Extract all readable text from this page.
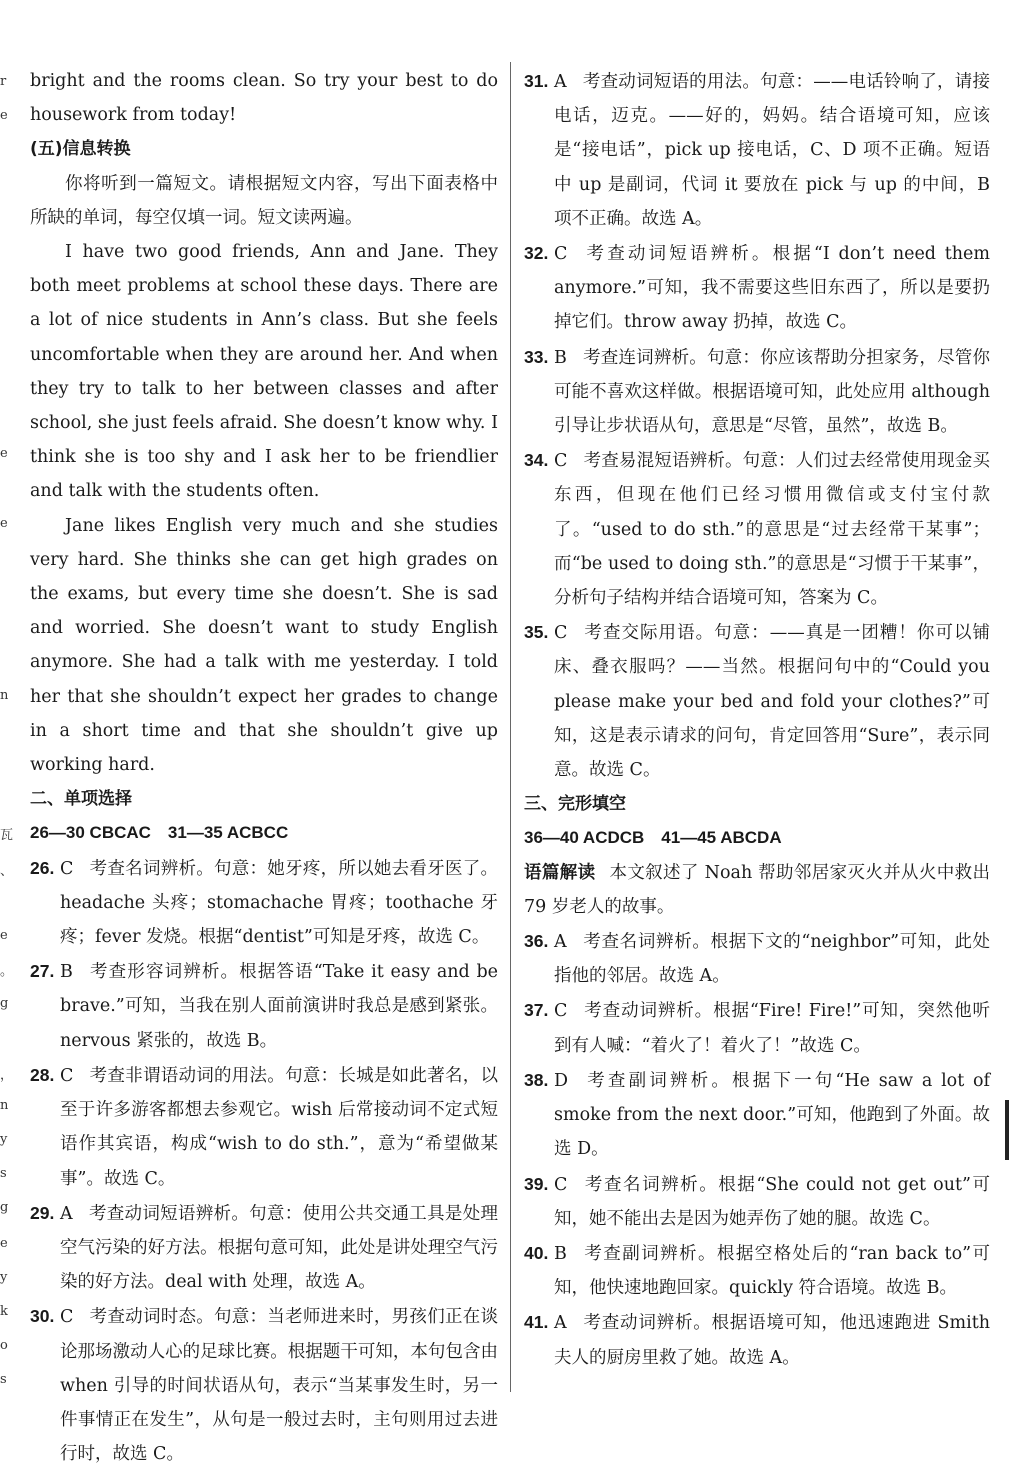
r
e
e
e
n
瓦
、
e
。
g
，
n
y
s
g
e
y
k
o
s

bright and the rooms clean. So try your best to do housework from today!

(五)信息转换

你将听到一篇短文。请根据短文内容，写出下面表格中所缺的单词，每空仅填一词。短文读两遍。

I have two good friends, Ann and Jane. They both meet problems at school these days. There are a lot of nice students in Ann’s class. But she feels uncomfortable when they are around her. And when they try to talk to her between classes and after school, she just feels afraid. She doesn’t know why. I think she is too shy and I ask her to be friendlier and talk with the students often.

Jane likes English very much and she studies very hard. She thinks she can get high grades on the exams, but every time she doesn’t. She is sad and worried. She doesn’t want to study English anymore. She had a talk with me yesterday. I told her that she shouldn’t expect her grades to change in a short time and that she shouldn’t give up working hard.

二、单项选择

26—30 CBCAC　31—35 ACBCC

26. C 考查名词辨析。句意：她牙疼，所以她去看牙医了。headache 头疼；stomachache 胃疼；toothache 牙疼；fever 发烧。根据“dentist”可知是牙疼，故选 C。

27. B 考查形容词辨析。根据答语“Take it easy and be brave.”可知，当我在别人面前演讲时我总是感到紧张。nervous 紧张的，故选 B。

28. C 考查非谓语动词的用法。句意：长城是如此著名，以至于许多游客都想去参观它。wish 后常接动词不定式短语作其宾语，构成“wish to do sth.”，意为“希望做某事”。故选 C。

29. A 考查动词短语辨析。句意：使用公共交通工具是处理空气污染的好方法。根据句意可知，此处是讲处理空气污染的好方法。deal with 处理，故选 A。

30. C 考查动词时态。句意：当老师进来时，男孩们正在谈论那场激动人心的足球比赛。根据题干可知，本句包含由 when 引导的时间状语从句，表示“当某事发生时，另一件事情正在发生”，从句是一般过去时，主句则用过去进行时，故选 C。

31. A 考查动词短语的用法。句意：——电话铃响了，请接电话，迈克。——好的，妈妈。结合语境可知，应该是“接电话”，pick up 接电话，C、D 项不正确。短语中 up 是副词，代词 it 要放在 pick 与 up 的中间，B 项不正确。故选 A。

32. C 考查动词短语辨析。根据“I don’t need them anymore.”可知，我不需要这些旧东西了，所以是要扔掉它们。throw away 扔掉，故选 C。

33. B 考查连词辨析。句意：你应该帮助分担家务，尽管你可能不喜欢这样做。根据语境可知，此处应用 although 引导让步状语从句，意思是“尽管，虽然”，故选 B。

34. C 考查易混短语辨析。句意：人们过去经常使用现金买东西，但现在他们已经习惯用微信或支付宝付款了。“used to do sth.”的意思是“过去经常干某事”；而“be used to doing sth.”的意思是“习惯于干某事”，分析句子结构并结合语境可知，答案为 C。

35. C 考查交际用语。句意：——真是一团糟！你可以铺床、叠衣服吗？——当然。根据问句中的“Could you please make your bed and fold your clothes?”可知，这是表示请求的问句，肯定回答用“Sure”，表示同意。故选 C。

三、完形填空

36—40 ACDCB　41—45 ABCDA

语篇解读 本文叙述了 Noah 帮助邻居家灭火并从火中救出 79 岁老人的故事。

36. A 考查名词辨析。根据下文的“neighbor”可知，此处指他的邻居。故选 A。

37. C 考查动词辨析。根据“Fire! Fire!”可知，突然他听到有人喊：“着火了！着火了！”故选 C。

38. D 考查副词辨析。根据下一句“He saw a lot of smoke from the next door.”可知，他跑到了外面。故选 D。

39. C 考查名词辨析。根据“She could not get out”可知，她不能出去是因为她弄伤了她的腿。故选 C。

40. B 考查副词辨析。根据空格处后的“ran back to”可知，他快速地跑回家。quickly 符合语境。故选 B。

41. A 考查动词辨析。根据语境可知，他迅速跑进 Smith 夫人的厨房里救了她。故选 A。
